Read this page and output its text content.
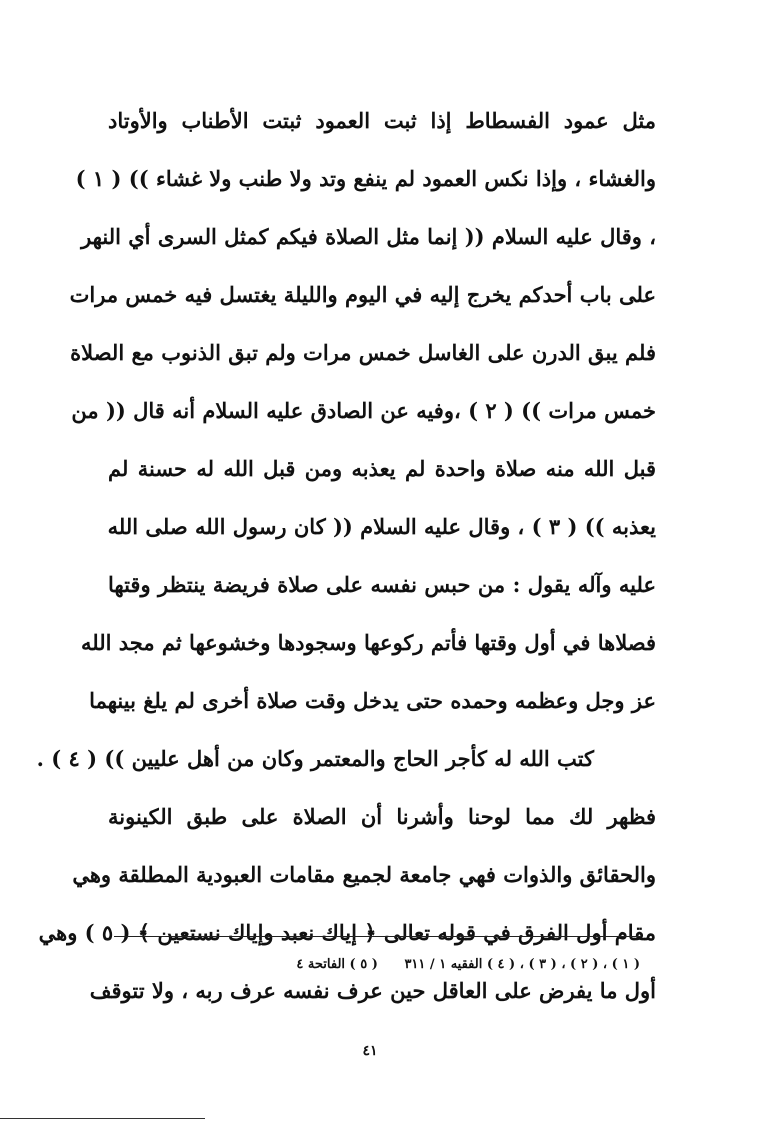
مثل عمود الفسطاط إذا ثبت العمود ثبتت الأطناب والأوتاد
والغشاء ، وإذا نكس العمود لم ينفع وتد ولا طنب ولا غشاء )) ( ١ )
، وقال عليه السلام (( إنما مثل الصلاة فيكم كمثل السرى أي النهر
على باب أحدكم يخرج إليه في اليوم والليلة يغتسل فيه خمس مرات
فلم يبق الدرن على الغاسل خمس مرات ولم تبق الذنوب مع الصلاة
خمس مرات )) ( ٢ ) ،وفيه عن الصادق عليه السلام أنه قال (( من
قبل الله منه صلاة واحدة لم يعذبه ومن قبل الله له حسنة لم
يعذبه )) ( ٣ ) ، وقال عليه السلام (( كان رسول الله صلى الله
عليه وآله يقول : من حبس نفسه على صلاة فريضة ينتظر وقتها
فصلاها في أول وقتها فأتم ركوعها وسجودها وخشوعها ثم مجد الله
عز وجل وعظمه وحمده حتى يدخل وقت صلاة أخرى لم يلغ بينهما
كتب الله له كأجر الحاج والمعتمر وكان من أهل عليين )) ( ٤ ) .
فظهر لك مما لوحنا وأشرنا أن الصلاة على طبق الكينونة
والحقائق والذوات فهي جامعة لجميع مقامات العبودية المطلقة وهي
مقام أول الفرق في قوله تعالى ﴿ إياك نعبد وإياك نستعين ﴾ ( ٥ ) وهي
أول ما يفرض على العاقل حين عرف نفسه عرف ربه ، ولا تتوقف
( ١ ) ، ( ٢ ) ، ( ٣ ) ، ( ٤ ) الفقيه ١ / ٣١١ ( ٥ ) الفاتحة ٤
٤١
